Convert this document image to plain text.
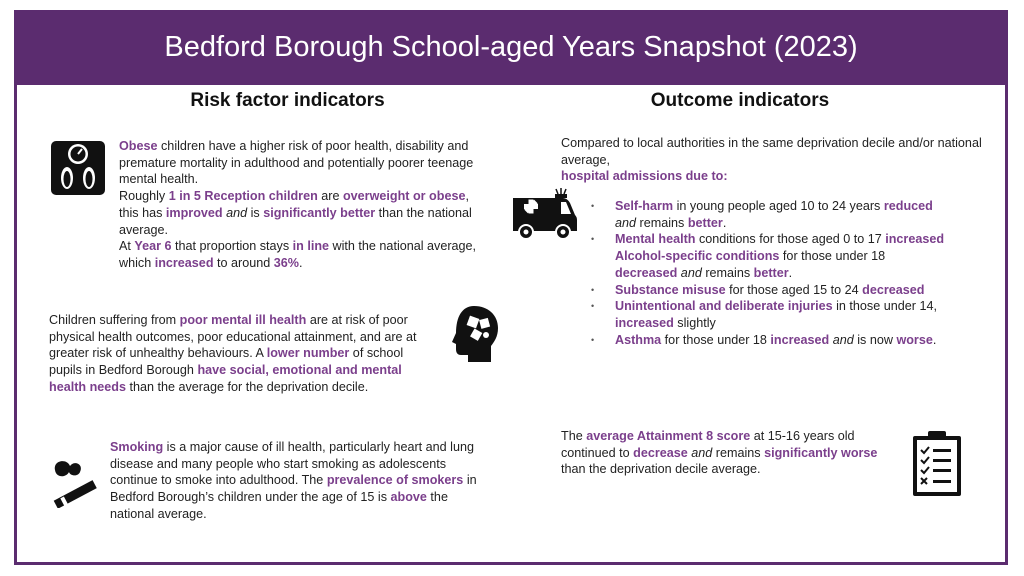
Bedford Borough School-aged Years Snapshot (2023)
Risk factor indicators	Outcome indicators
Obese children have a higher risk of poor health, disability and premature mortality in adulthood and potentially poorer teenage mental health.
Roughly 1 in 5 Reception children are overweight or obese, this has improved and is significantly better than the national average.
At Year 6 that proportion stays in line with the national average, which increased to around 36%.
Children suffering from poor mental ill health are at risk of poor physical health outcomes, poor educational attainment, and are at greater risk of unhealthy behaviours. A lower number of school pupils in Bedford Borough have social, emotional and mental health needs than the average for the deprivation decile.
Smoking is a major cause of ill health, particularly heart and lung disease and many people who start smoking as adolescents continue to smoke into adulthood. The prevalence of smokers in Bedford Borough’s children under the age of 15 is above the national average.
Compared to local authorities in the same deprivation decile and/or national average,
hospital admissions due to:
• Self-harm in young people aged 10 to 24 years reduced
and remains better.
• Mental health conditions for those aged 0 to 17 increased
Alcohol-specific conditions for those under 18
decreased and remains better.
• Substance misuse for those aged 15 to 24 decreased
• Unintentional and deliberate injuries in those under 14,
increased slightly
• Asthma for those under 18 increased and is now worse.
The average Attainment 8 score at 15-16 years old continued to decrease and remains significantly worse than the deprivation decile average.
